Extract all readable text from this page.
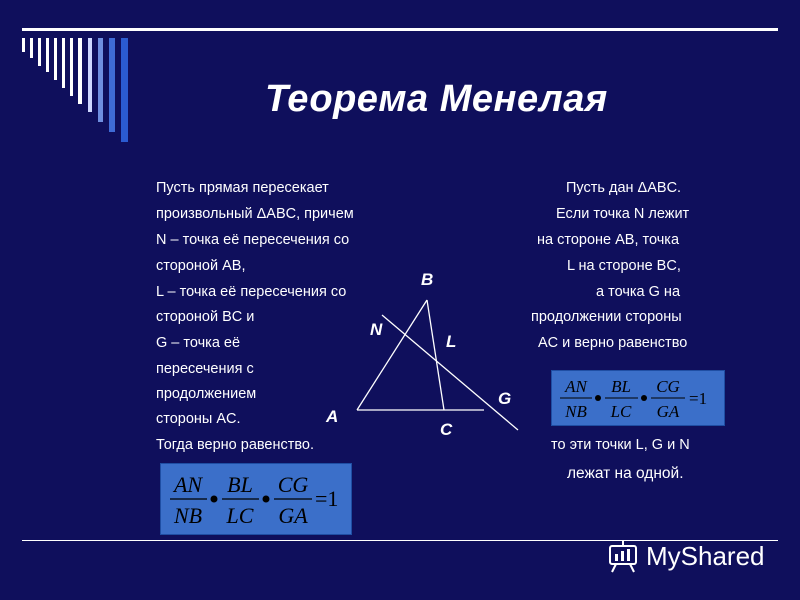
Теорема Менелая
Пусть прямая пересекает
произвольный ΔABC, причем
N – точка её пересечения со
стороной AB,
L – точка её пересечения со
стороной BC и
G – точка её
пересечения с
продолжением
стороны AC.
Тогда верно равенство.
Пусть дан ΔABC.
Если точка N лежит
на стороне AB, точка
L на стороне BC,
а точка G на
продолжении стороны
AC и верно равенство
то эти точки L, G и N
лежат на одной.
B
N
L
G
A
C
AN
NB
BL
LC
CG
GA
=1
AN
NB
BL
LC
CG
GA
=1
MyShared
